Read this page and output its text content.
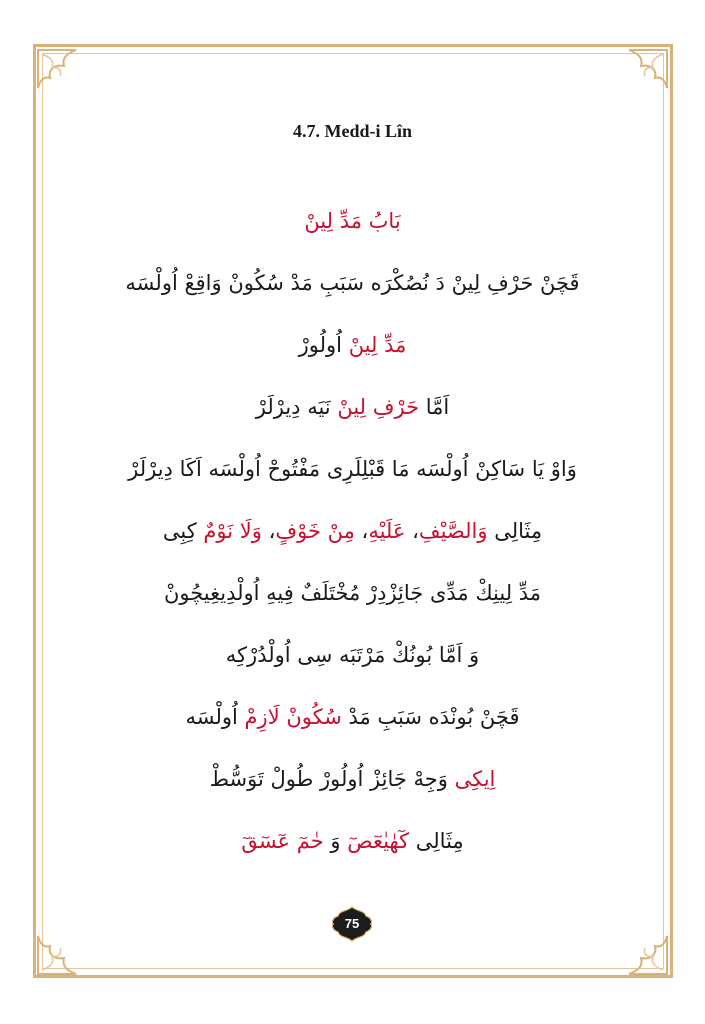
4.7. Medd-i Lîn
بَابُ مَدِّ لِينْ
قَچَنْ حَرْفِ لِينْ دَ نُصُكْرَه سَبَبِ مَدْ سُكُونْ وَاقِعْ اُولْسَه
مَدِّ لِينْ اُولُورْ
اَمَّا حَرْفِ لِينْ نَيَه دِيرْلَرْ
وَاوْ يَا سَاكِنْ اُولْسَه مَا قَبْلِلَرِى مَفْتُوحْ اُولْسَه اَكَا دِيرْلَرْ
مِثَالِى وَالصَّيْفِ، عَلَيْهِ، مِنْ خَوْفٍ، وَلَا نَوْمٌ كِبِى
مَدِّ لِينِكْ مَدِّى جَائِزْدِرْ مُخْتَلَفٌ فِيهِ اُولْدِيغِيچُونْ
وَ اَمَّا بُونُكْ مَرْتَبَه سِى اُولْدُرْكِه
قَچَنْ بُونْدَه سَبَبِ مَدْ سُكُونْ لَازِمْ اُولْسَه
اِيكِى وَجِهْ جَائِزْ اُولُورْ طُولْ تَوَسُّطْ
مِثَالِى كٓهٰيٰعٓصٓ وَ حٰمٓ عٓسٓقٓ
75
